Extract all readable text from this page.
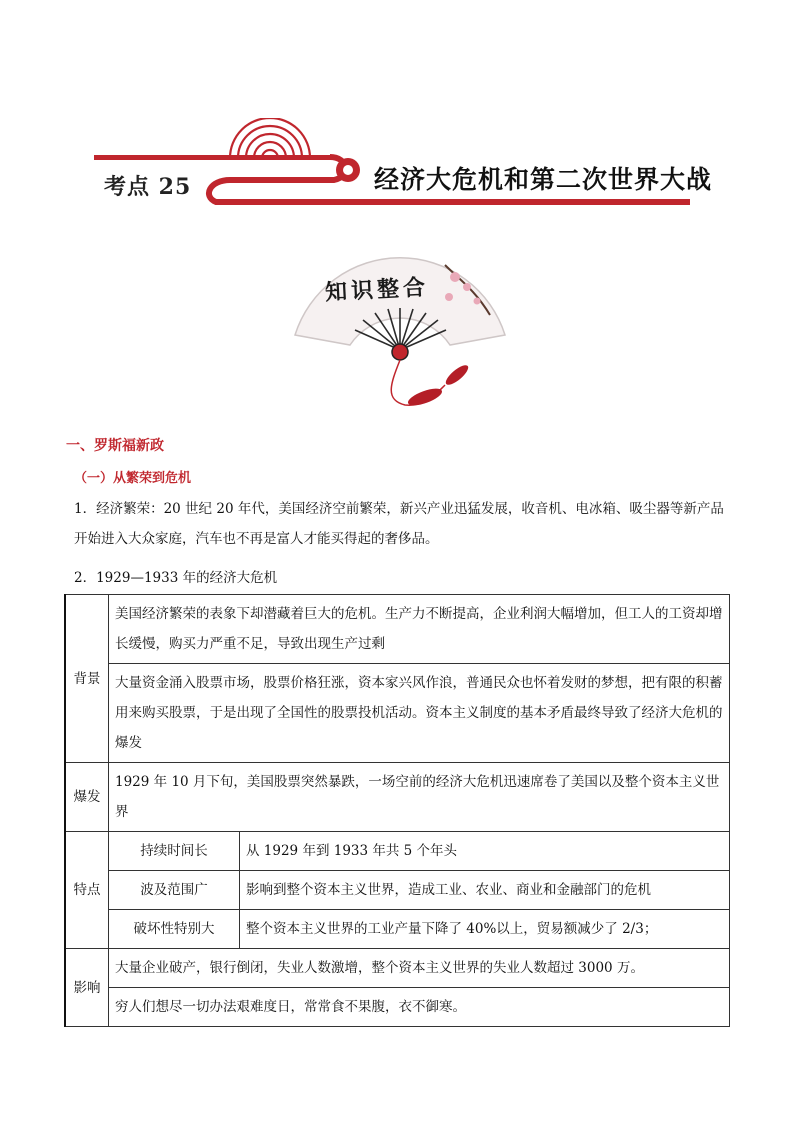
考点 25	经济大危机和第二次世界大战
知识整合
一、罗斯福新政
（一）从繁荣到危机
1．经济繁荣：20 世纪 20 年代，美国经济空前繁荣，新兴产业迅猛发展，收音机、电冰箱、吸尘器等新产品开始进入大众家庭，汽车也不再是富人才能买得起的奢侈品。
2．1929—1933 年的经济大危机
背景	美国经济繁荣的表象下却潜藏着巨大的危机。生产力不断提高，企业利润大幅增加，但工人的工资却增长缓慢，购买力严重不足，导致出现生产过剩	
	大量资金涌入股票市场，股票价格狂涨，资本家兴风作浪，普通民众也怀着发财的梦想，把有限的积蓄用来购买股票，于是出现了全国性的股票投机活动。资本主义制度的基本矛盾最终导致了经济大危机的爆发	
爆发	1929 年 10 月下旬，美国股票突然暴跌，一场空前的经济大危机迅速席卷了美国以及整个资本主义世界	
特点	持续时间长	从 1929 年到 1933 年共 5 个年头
	波及范围广	影响到整个资本主义世界，造成工业、农业、商业和金融部门的危机
	破坏性特别大	整个资本主义世界的工业产量下降了 40%以上，贸易额减少了 2/3；
影响	大量企业破产，银行倒闭，失业人数激增，整个资本主义世界的失业人数超过 3000 万。	
	穷人们想尽一切办法艰难度日，常常食不果腹，衣不御寒。	
